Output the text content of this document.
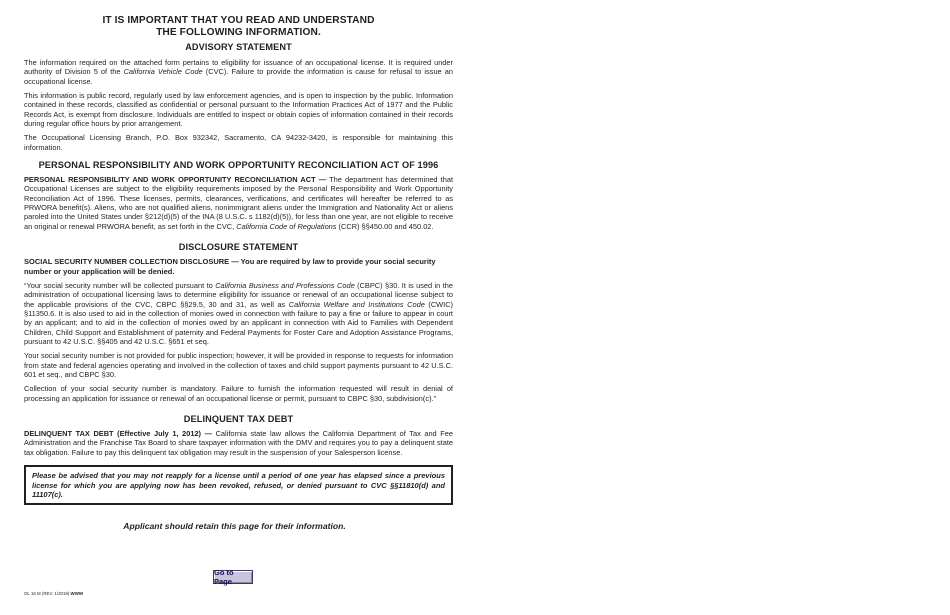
IT IS IMPORTANT THAT YOU READ AND UNDERSTAND

THE FOLLOWING INFORMATION.

ADVISORY STATEMENT

The information required on the attached form pertains to eligibility for issuance of an occupational license. It is required under authority of Division 5 of the California Vehicle Code (CVC). Failure to provide the information is cause for refusal to issue an occupational license.

This information is public record, regularly used by law enforcement agencies, and is open to inspection by the public. Information contained in these records, classified as confidential or personal pursuant to the Information Practices Act of 1977 and the Public Records Act, is exempt from disclosure. Individuals are entitled to inspect or obtain copies of information contained in their records during regular office hours by prior arrangement.

The Occupational Licensing Branch, P.O. Box 932342, Sacramento, CA 94232-3420, is responsible for maintaining this information.

PERSONAL RESPONSIBILITY AND WORK OPPORTUNITY RECONCILIATION ACT OF 1996

PERSONAL RESPONSIBILITY AND WORK OPPORTUNITY RECONCILIATION ACT — The department has determined that Occupational Licenses are subject to the eligibility requirements imposed by the Personal Responsibility and Work Opportunity Reconciliation Act of 1996. These licenses, permits, clearances, verifications, and certificates will hereafter be referred to as PRWORA benefit(s). Aliens, who are not qualified aliens, nonimmigrant aliens under the Immigration and Nationality Act or aliens paroled into the United States under §212(d)(5) of the INA (8 U.S.C. s 1182(d)(5)), for less than one year, are not eligible to receive an original or renewal PRWORA benefit, as set forth in the CVC, California Code of Regulations (CCR) §§450.00 and 450.02.

DISCLOSURE STATEMENT

SOCIAL SECURITY NUMBER COLLECTION DISCLOSURE — You are required by law to provide your social security number or your application will be denied.

“Your social security number will be collected pursuant to California Business and Professions Code (CBPC) §30. It is used in the administration of occupational licensing laws to determine eligibility for issuance or renewal of an occupational license subject to the applicable provisions of the CVC, CBPC §§29.5, 30 and 31, as well as California Welfare and Institutions Code (CWIC) §11350.6. It is also used to aid in the collection of monies owed in connection with failure to pay a fine or failure to appear in court by an applicant; and to aid in the collection of monies owed by an applicant in connection with Aid to Families with Dependent Children, Child Support and Establishment of paternity and Federal Payments for Foster Care and Adoption Assistance Programs, pursuant to 42 U.S.C. §§405 and 42 U.S.C. §651 et seq.

Your social security number is not provided for public inspection; however, it will be provided in response to requests for information from state and federal agencies operating and involved in the collection of taxes and child support payments pursuant to 42 U.S.C. 601 et seq., and CBPC §30.

Collection of your social security number is mandatory. Failure to furnish the information requested will result in denial of processing an application for issuance or renewal of an occupational license or permit, pursuant to CBPC §30, subdivision(c).”

DELINQUENT TAX DEBT

DELINQUENT TAX DEBT (Effective July 1, 2012) — California state law allows the California Department of Tax and Fee Administration and the Franchise Tax Board to share taxpayer information with the DMV and requires you to pay a delinquent state tax obligation. Failure to pay this delinquent tax obligation may result in the suspension of your Salesperson license.

Please be advised that you may not reapply for a license until a period of one year has elapsed since a previous license for which you are applying now has been revoked, refused, or denied pursuant to CVC §§11810(d) and 11107(c).
Applicant should retain this page for their information.
Go to Page
OL 16 M (REV. 1/2019) WWW
